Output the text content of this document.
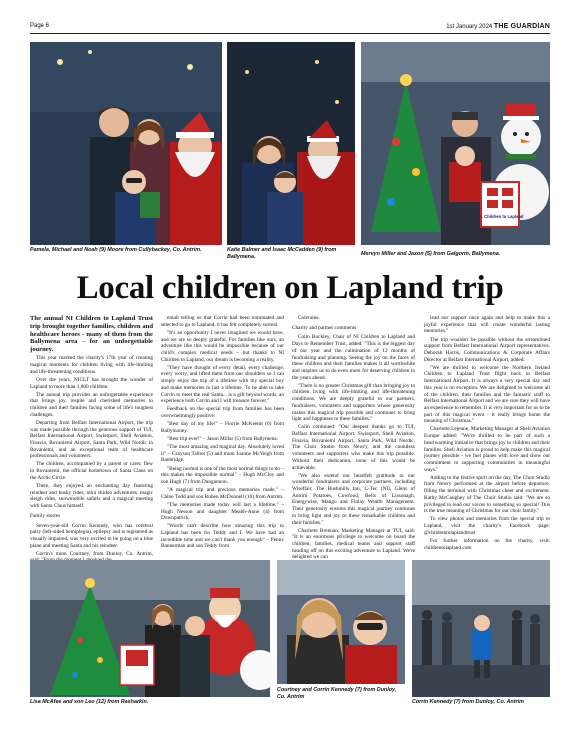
Page 6	1st January 2024 THE GUARDIAN
N.I. Children to Lapland
Pamela, Michael and Noah (9) Moore from Cullybackey, Co. Antrim.	Katie Balmer and Isaac McCadden (9) from Ballymena.	Mervyn Miller and Jaxon (5) from Galgorm, Ballymena.
Local children on Lapland trip

The annual NI Children to Lapland Trust trip brought together families, children and healthcare heroes - many of them from the Ballymena area - for an unforgettable journey.

This year marked the charity's 17th year of creating magical moments for children living with life-limiting and life-threatening conditions.

Over the years, NICLT has brought the wonder of Lapland to more than 1,800 children.

The annual trip provides an unforgettable experience that brings joy, respite and cherished memories to children and their families facing some of life's toughest challenges.

Departing from Belfast International Airport, the trip was made possible through the generous support of TUI, Belfast International Airport, Swissport, Shell Aviation, Finavia, Rovaniemi Airport, Santa Park, Wild Nordic in Rovaniemi, and an exceptional team of healthcare professionals and volunteers.

The children, accompanied by a parent or carer, flew to Rovaniemi, the official hometown of Santa Claus on the Arctic Circle.

There, they enjoyed an enchanting day featuring reindeer and husky rides, mini skidoo adventures, magic sleigh rides, snowmobile safaris and a magical meeting with Santa Claus himself.

Family stories

Seven-year-old Corrin Kennedy, who has cerebral palsy (left-sided hemiplegia), epilepsy and is registered as visually impaired, was very excited to be going on a blue plane and meeting Santa and his reindeer.

Corrin's mum Courtney, from Dunloy, Co. Antrim,

email telling us that Corrin had been nominated and selected to go to Lapland, it has felt completely surreal.

"It's an opportunity I never imagined we would have, and we are so deeply grateful. For families like ours, an adventure like this would be impossible because of our child's complex medical needs – but thanks to NI Children to Lapland, our dream is becoming a reality.

"They have thought of every detail, every challenge, every worry, and lifted them from our shoulders so I can simply enjoy the trip of a lifetime with my special boy and make memories to last a lifetime. To be able to take Corrin to meet the real Santa... is a gift beyond words, an experience both Corrin and I will treasure forever."

Feedback on the special trip from families has been overwhelmingly positive:

"Best day of my life!" – Florrie McKeenit (6) from Ballymoney.

"Best trip ever!" – Jason Millar (5) from Ballymena.

"The most amazing and magical day. Absolutely loved it" – Grayson Talbot (5) and mum Joanne McVeigh from Banbridge.

"Being normal is one of the most normal things to do – this makes the impossible normal" – Hugh McCloy and son Hugh (7) from Dungannon.

"A magical trip and precious memories made." – Chloe Todd and son Ruben McDonnell (10) from Antrim.

"The memories made today will last a lifetime." – Hugh Nesson and daughter Meabh-Anne (4) from Downpatrick.

"Words can't describe how amazing this trip to Lapland has been for Teddy and I. We have had an incredible time and we can't thank you enough" – Penny Bannerman and son Teddy from

Coleraine.

Charity and partner comments

Colin Buckley, Chair of NI Children to Lapland and Days to Remember Trust, added: "This is the biggest day of our year and the culmination of 12 months of fundraising and planning. Seeing the joy on the faces of these children and their families makes it all worthwhile and inspires us to do even more for deserving children in the years ahead.

"There is no greater Christmas gift than bringing joy to children living with life-limiting and life-threatening conditions. We are deeply grateful to our partners, fundraisers, volunteers and supporters whose generosity makes this magical trip possible and continues to bring light and happiness to these families."

Colin continued: "Our deepest thanks go to TUI, Belfast International Airport, Swissport, Shell Aviation, Finavia, Rovaniemi Airport, Santa Park, Wild Nordic, The Choir Studio from Newry, and the countless volunteers and supporters who make this trip possible. Without their dedication, none of this would be achievable.

"We also extend our heartfelt gratitude to our wonderful fundraisers and corporate partners, including Wiseflair, The Bushmills Inn, C-Tec (NI), Glens of Antrim Potatoes, Cowfood, Bells of Lissonagh, Energywise, Mango and Finlay Wealth Management. Their generosity ensures this magical journey continues to bring light and joy to these remarkable children and their families."

Charlotte Brennan, Marketing Manager at TUI, said: "It is an enormous privilege to welcome on board the children, families, medical teams and support staff heading off on this exciting adventure to Lapland. We're delighted we can

lead our support once again and help to make this a joyful experience that will create wonderful lasting memories."

The trip wouldn't be possible without the streamlined support from Belfast International Airport representatives. Deborah Harris, Communications & Corporate Affairs Director at Belfast International Airport, added:

"We are thrilled to welcome the Northern Ireland Children to Lapland Trust flight back to Belfast International Airport. It is always a very special day and this year is no exception. We are delighted to welcome all of the children, their families and the fantastic staff to Belfast International Airport and we are sure they will have an experience to remember. It is very important for us to be part of this magical event - it really brings home the meaning of Christmas."

Charlotte Lejeune, Marketing Manager at Shell Aviation Europe added: "We're thrilled to be part of such a heartwarming initiative that brings joy to children and their families. Shell Aviation is proud to help make this magical journey possible - we fuel planes with love and show our commitment to supporting communities in meaningful ways."

Adding to the festive spirit on the day, The Choir Studio from Newry performed at the airport before departure, filling the terminal with Christmas cheer and excitement. Kathy McCaughey of The Choir Studio said: "We are so privileged to lead our voices to something so special! This is the true meaning of Christmas for our choir family."

To view photos and memories from the special trip to Lapland, visit the charity's Facebook page: @childrentolaplandtrust

For further information on the charity, visit: childrentolapland.com

Lisa McAfee and son Leo (12) from Rasharkin.
Courtney and Corrin Kennedy (7) from Dunloy, Co. Antrim
Corrin Kennedy (7) from Dunloy, Co. Antrim
